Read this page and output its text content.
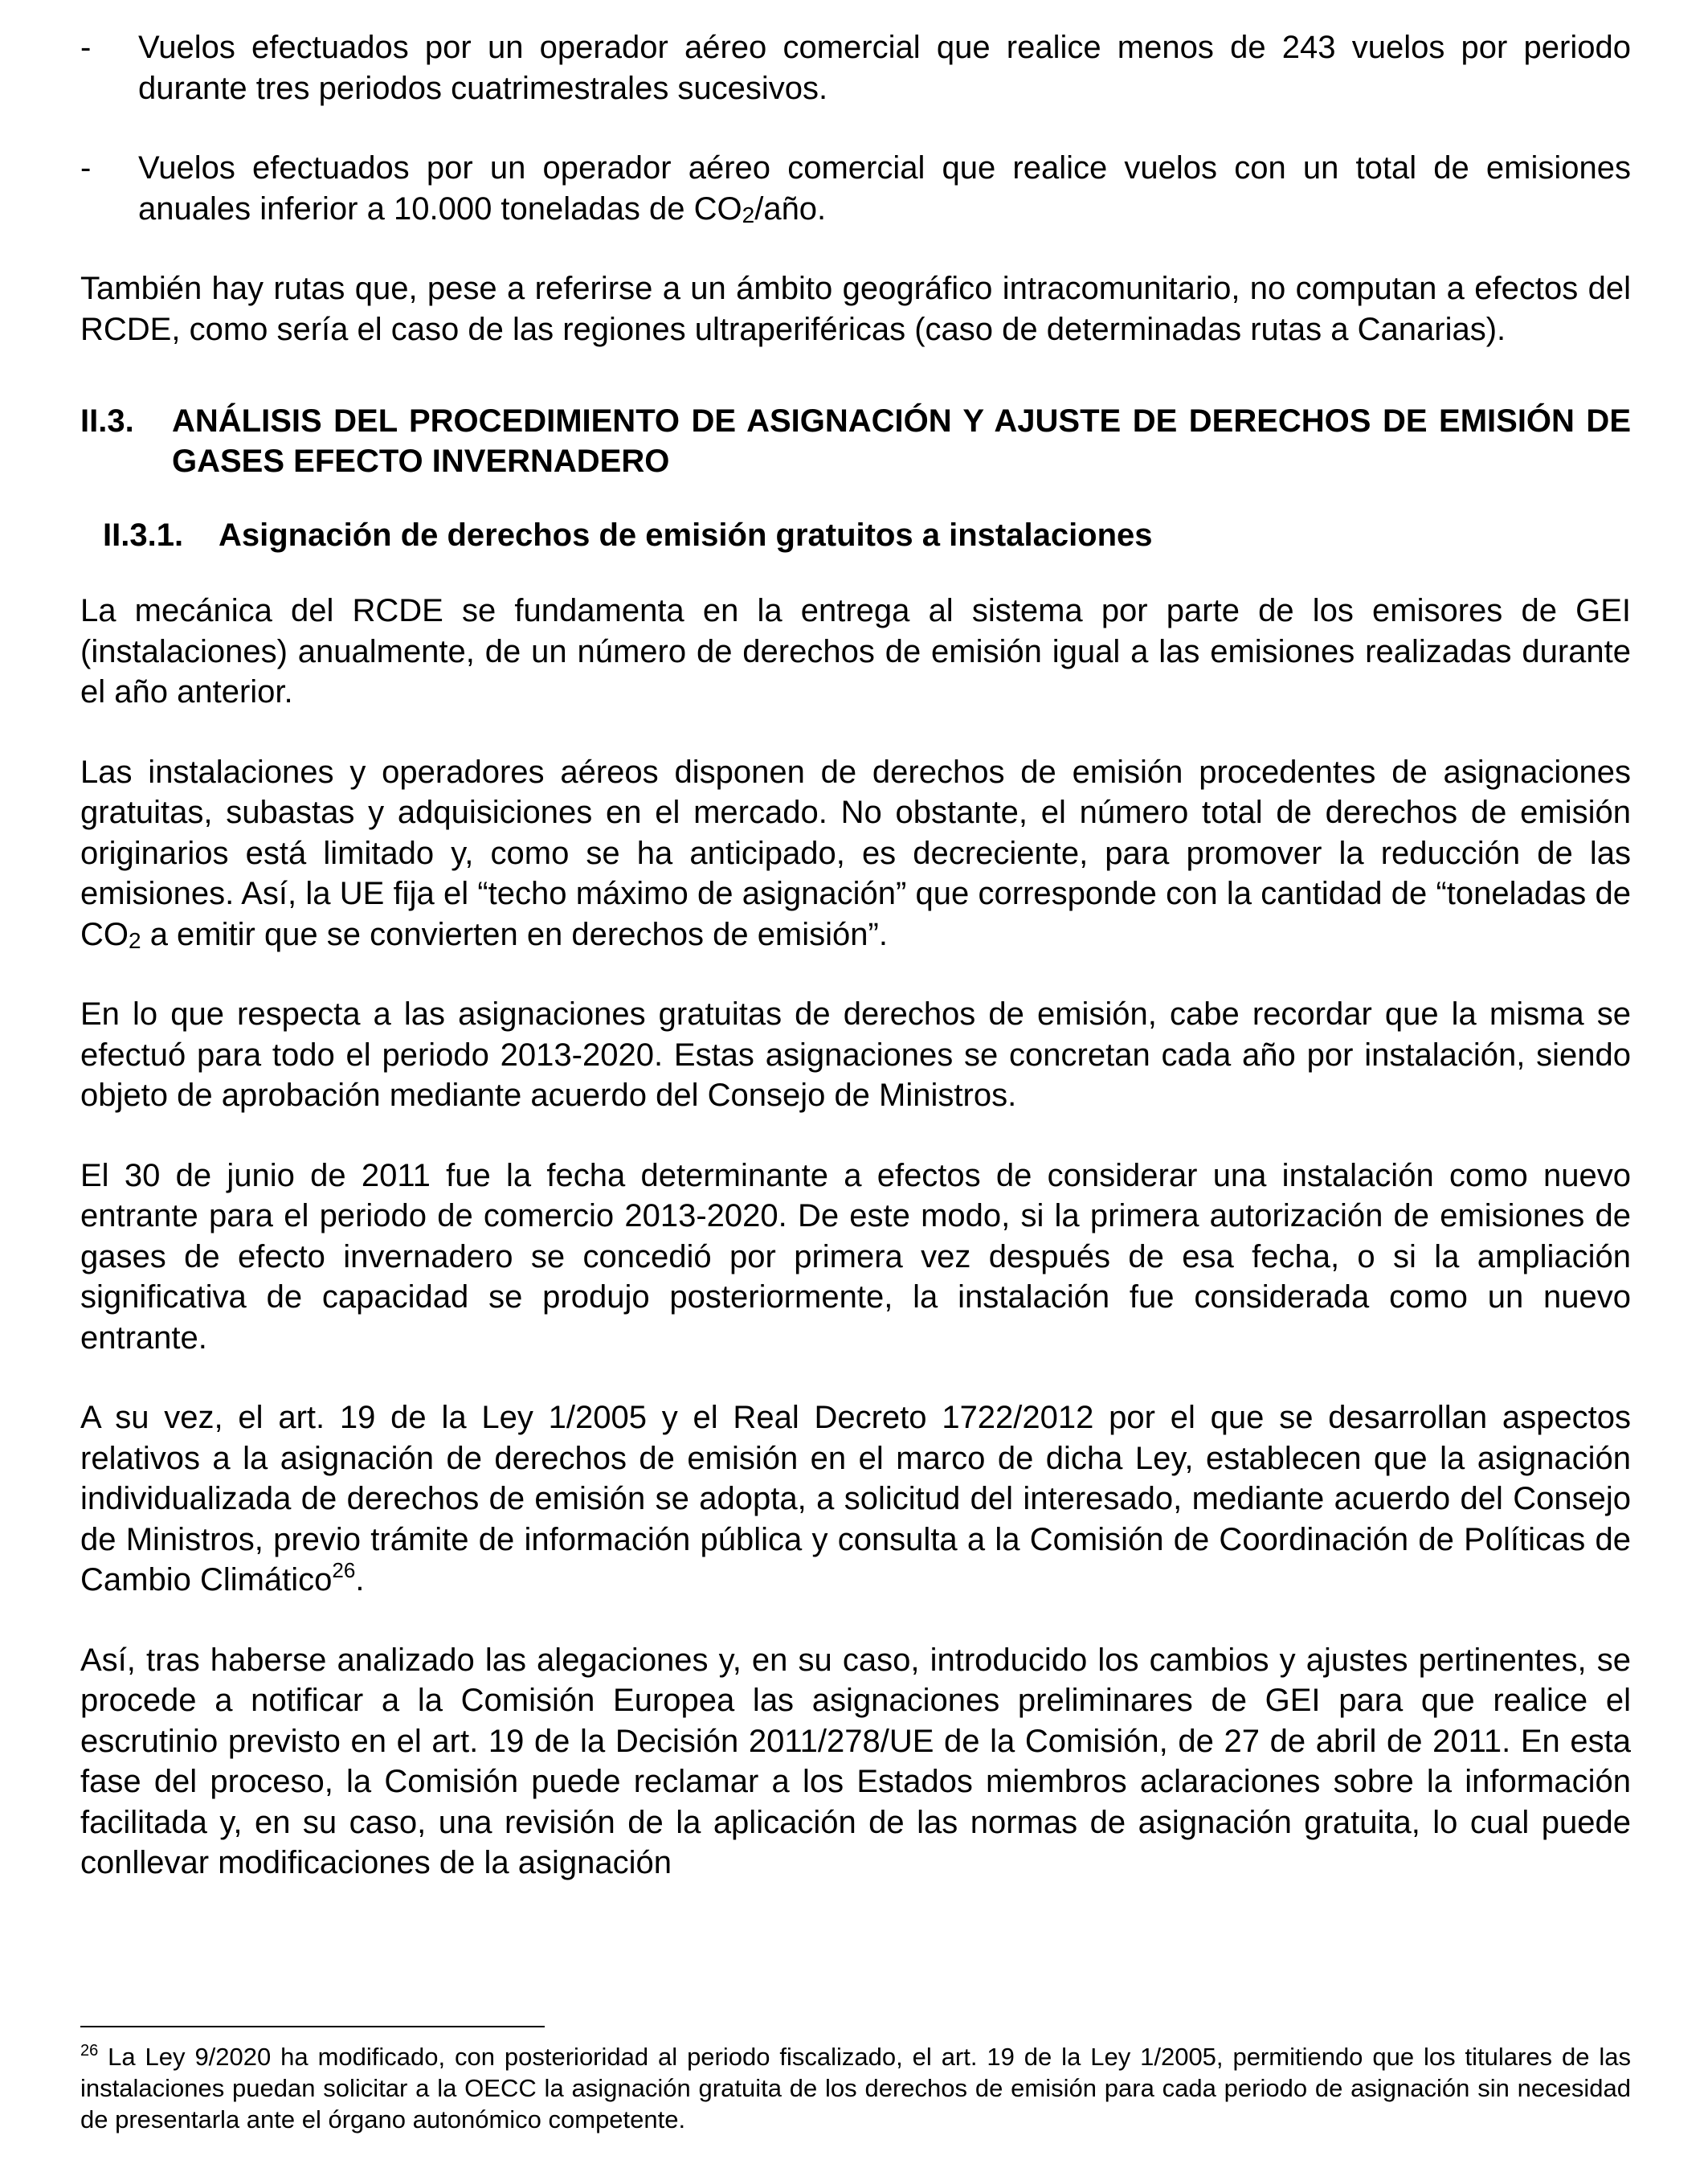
- Vuelos efectuados por un operador aéreo comercial que realice menos de 243 vuelos por periodo durante tres periodos cuatrimestrales sucesivos.
- Vuelos efectuados por un operador aéreo comercial que realice vuelos con un total de emisiones anuales inferior a 10.000 toneladas de $CO_2$/año.

También hay rutas que, pese a referirse a un ámbito geográfico intracomunitario, no computan a efectos del RCDE, como sería el caso de las regiones ultraperiféricas (caso de determinadas rutas a Canarias).

II.3. ANÁLISIS DEL PROCEDIMIENTO DE ASIGNACIÓN Y AJUSTE DE DERECHOS DE EMISIÓN DE GASES EFECTO INVERNADERO
II.3.1. Asignación de derechos de emisión gratuitos a instalaciones

La mecánica del RCDE se fundamenta en la entrega al sistema por parte de los emisores de GEI (instalaciones) anualmente, de un número de derechos de emisión igual a las emisiones realizadas durante el año anterior.

Las instalaciones y operadores aéreos disponen de derechos de emisión procedentes de asignaciones gratuitas, subastas y adquisiciones en el mercado. No obstante, el número total de derechos de emisión originarios está limitado y, como se ha anticipado, es decreciente, para promover la reducción de las emisiones. Así, la UE fija el “techo máximo de asignación” que corresponde con la cantidad de “toneladas de $CO_2$ a emitir que se convierten en derechos de emisión”.

En lo que respecta a las asignaciones gratuitas de derechos de emisión, cabe recordar que la misma se efectuó para todo el periodo 2013-2020. Estas asignaciones se concretan cada año por instalación, siendo objeto de aprobación mediante acuerdo del Consejo de Ministros.

El 30 de junio de 2011 fue la fecha determinante a efectos de considerar una instalación como nuevo entrante para el periodo de comercio 2013-2020. De este modo, si la primera autorización de emisiones de gases de efecto invernadero se concedió por primera vez después de esa fecha, o si la ampliación significativa de capacidad se produjo posteriormente, la instalación fue considerada como un nuevo entrante.

A su vez, el art. 19 de la Ley 1/2005 y el Real Decreto 1722/2012 por el que se desarrollan aspectos relativos a la asignación de derechos de emisión en el marco de dicha Ley, establecen que la asignación individualizada de derechos de emisión se adopta, a solicitud del interesado, mediante acuerdo del Consejo de Ministros, previo trámite de información pública y consulta a la Comisión de Coordinación de Políticas de Cambio Climático$^{26}$.

Así, tras haberse analizado las alegaciones y, en su caso, introducido los cambios y ajustes pertinentes, se procede a notificar a la Comisión Europea las asignaciones preliminares de GEI para que realice el escrutinio previsto en el art. 19 de la Decisión 2011/278/UE de la Comisión, de 27 de abril de 2011. En esta fase del proceso, la Comisión puede reclamar a los Estados miembros aclaraciones sobre la información facilitada y, en su caso, una revisión de la aplicación de las normas de asignación gratuita, lo cual puede conllevar modificaciones de la asignación

$^{26}$ La Ley 9/2020 ha modificado, con posterioridad al periodo fiscalizado, el art. 19 de la Ley 1/2005, permitiendo que los titulares de las instalaciones puedan solicitar a la OECC la asignación gratuita de los derechos de emisión para cada periodo de asignación sin necesidad de presentarla ante el órgano autonómico competente.
